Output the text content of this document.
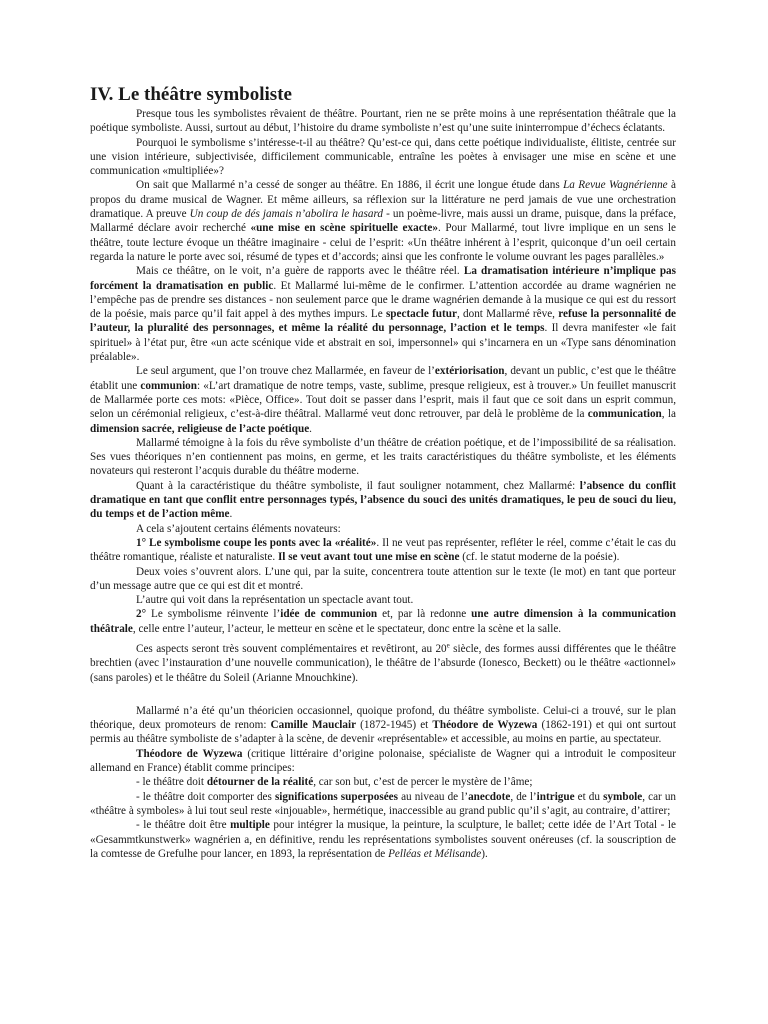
IV. Le théâtre symboliste

Presque tous les symbolistes rêvaient de théâtre. Pourtant, rien ne se prête moins à une représentation théâtrale que la poétique symboliste. Aussi, surtout au début, l’histoire du drame symboliste n’est qu’une suite ininterrompue d’échecs éclatants.

Pourquoi le symbolisme s’intéresse-t-il au théâtre? Qu’est-ce qui, dans cette poétique individualiste, élitiste, centrée sur une vision intérieure, subjectivisée, difficilement communicable, entraîne les poètes à envisager une mise en scène et une communication «multipliée»?

On sait que Mallarmé n’a cessé de songer au théâtre. En 1886, il écrit une longue étude dans La Revue Wagnérienne à propos du drame musical de Wagner. Et même ailleurs, sa réflexion sur la littérature ne perd jamais de vue une orchestration dramatique. A preuve Un coup de dés jamais n’abolira le hasard - un poème-livre, mais aussi un drame, puisque, dans la préface, Mallarmé déclare avoir recherché «une mise en scène spirituelle exacte». Pour Mallarmé, tout livre implique en un sens le théâtre, toute lecture évoque un théâtre imaginaire - celui de l’esprit: «Un théâtre inhérent à l’esprit, quiconque d’un oeil certain regarda la nature le porte avec soi, résumé de types et d’accords; ainsi que les confronte le volume ouvrant les pages parallèles.»

Mais ce théâtre, on le voit, n’a guère de rapports avec le théâtre réel. La dramatisation intérieure n’implique pas forcément la dramatisation en public. Et Mallarmé lui-même de le confirmer. L’attention accordée au drame wagnérien ne l’empêche pas de prendre ses distances - non seulement parce que le drame wagnérien demande à la musique ce qui est du ressort de la poésie, mais parce qu’il fait appel à des mythes impurs. Le spectacle futur, dont Mallarmé rêve, refuse la personnalité de l’auteur, la pluralité des personnages, et même la réalité du personnage, l’action et le temps. Il devra manifester «le fait spirituel» à l’état pur, être «un acte scénique vide et abstrait en soi, impersonnel» qui s’incarnera en un «Type sans dénomination préalable».

Le seul argument, que l’on trouve chez Mallarmée, en faveur de l’extériorisation, devant un public, c’est que le théâtre établit une communion: «L’art dramatique de notre temps, vaste, sublime, presque religieux, est à trouver.» Un feuillet manuscrit de Mallarmée porte ces mots: «Pièce, Office». Tout doit se passer dans l’esprit, mais il faut que ce soit dans un esprit commun, selon un cérémonial religieux, c’est-à-dire théâtral. Mallarmé veut donc retrouver, par delà le problème de la communication, la dimension sacrée, religieuse de l’acte poétique.

Mallarmé témoigne à la fois du rêve symboliste d’un théâtre de création poétique, et de l’impossibilité de sa réalisation. Ses vues théoriques n’en contiennent pas moins, en germe, et les traits caractéristiques du théâtre symboliste, et les éléments novateurs qui resteront l’acquis durable du théâtre moderne.

Quant à la caractéristique du théâtre symboliste, il faut souligner notamment, chez Mallarmé: l’absence du conflit dramatique en tant que conflit entre personnages typés, l’absence du souci des unités dramatiques, le peu de souci du lieu, du temps et de l’action même.

A cela s’ajoutent certains éléments novateurs:

1° Le symbolisme coupe les ponts avec la «réalité». Il ne veut pas représenter, refléter le réel, comme c’était le cas du théâtre romantique, réaliste et naturaliste. Il se veut avant tout une mise en scène (cf. le statut moderne de la poésie).

Deux voies s’ouvrent alors. L’une qui, par la suite, concentrera toute attention sur le texte (le mot) en tant que porteur d’un message autre que ce qui est dit et montré.

L’autre qui voit dans la représentation un spectacle avant tout.

2° Le symbolisme réinvente l’idée de communion et, par là redonne une autre dimension à la communication théâtrale, celle entre l’auteur, l’acteur, le metteur en scène et le spectateur, donc entre la scène et la salle.

Ces aspects seront très souvent complémentaires et revêtiront, au 20e siècle, des formes aussi différentes que le théâtre brechtien (avec l’instauration d’une nouvelle communication), le théâtre de l’absurde (Ionesco, Beckett) ou le théâtre «actionnel» (sans paroles) et le théâtre du Soleil (Arianne Mnouchkine).

Mallarmé n’a été qu’un théoricien occasionnel, quoique profond, du théâtre symboliste. Celui-ci a trouvé, sur le plan théorique, deux promoteurs de renom: Camille Mauclair (1872-1945) et Théodore de Wyzewa (1862-191) et qui ont surtout permis au théâtre symboliste de s’adapter à la scène, de devenir «représentable» et accessible, au moins en partie, au spectateur.

Théodore de Wyzewa (critique littéraire d’origine polonaise, spécialiste de Wagner qui a introduit le compositeur allemand en France) établit comme principes:

- le théâtre doit détourner de la réalité, car son but, c’est de percer le mystère de l’âme;

- le théâtre doit comporter des significations superposées au niveau de l’anecdote, de l’intrigue et du symbole, car un «théâtre à symboles» à lui tout seul reste «injouable», hermétique, inaccessible au grand public qu’il s’agit, au contraire, d’attirer;

- le théâtre doit être multiple pour intégrer la musique, la peinture, la sculpture, le ballet; cette idée de l’Art Total - le «Gesammtkunstwerk» wagnérien a, en définitive, rendu les représentations symbolistes souvent onéreuses (cf. la souscription de la comtesse de Grefulhe pour lancer, en 1893, la représentation de Pelléas et Mélisande).
